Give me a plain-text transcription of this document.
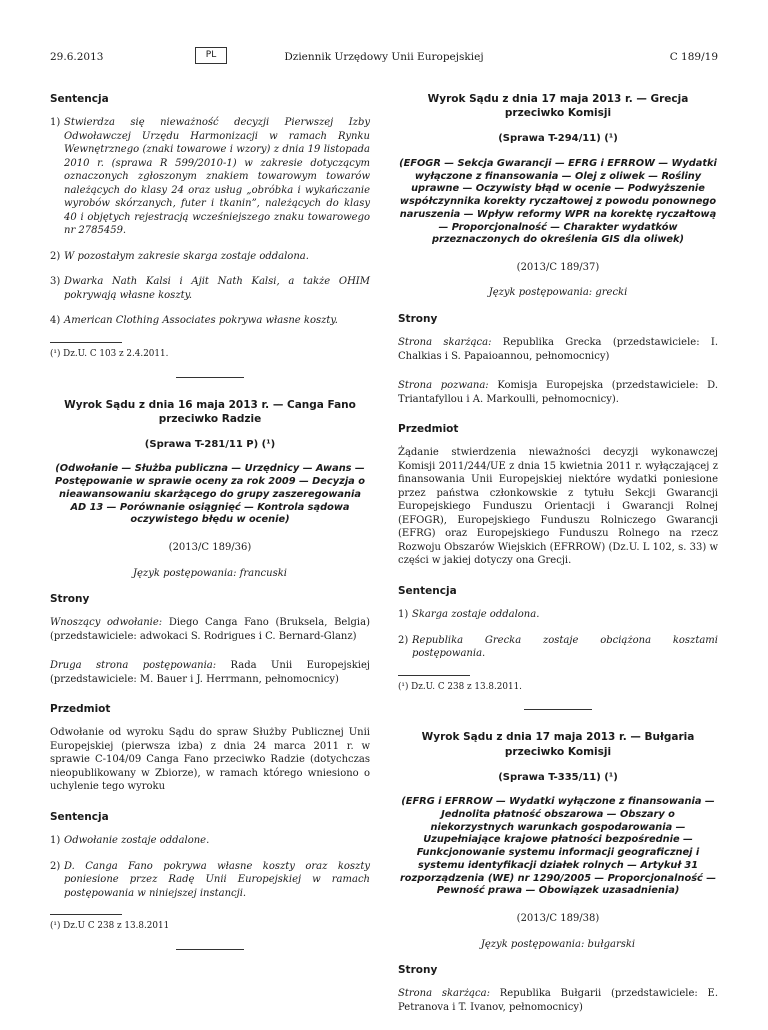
29.6.2013	PL	Dziennik Urzędowy Unii Europejskiej	C 189/19
Sentencja
1) Stwierdza się nieważność decyzji Pierwszej Izby Odwoławczej Urzędu Harmonizacji w ramach Rynku Wewnętrznego (znaki towarowe i wzory) z dnia 19 listopada 2010 r. (sprawa R 599/2010-1) w zakresie dotyczącym oznaczonych zgłoszonym znakiem towarowym towarów należących do klasy 24 oraz usług „obróbka i wykańczanie wyrobów skórzanych, futer i tkanin”, należących do klasy 40 i objętych rejestracją wcześniejszego znaku towarowego nr 2785459.
2) W pozostałym zakresie skarga zostaje oddalona.
3) Dwarka Nath Kalsi i Ajit Nath Kalsi, a także OHIM pokrywają własne koszty.
4) American Clothing Associates pokrywa własne koszty.
(¹) Dz.U. C 103 z 2.4.2011.
Wyrok Sądu z dnia 16 maja 2013 r. — Canga Fano przeciwko Radzie
(Sprawa T-281/11 P) (¹)
(Odwołanie — Służba publiczna — Urzędnicy — Awans — Postępowanie w sprawie oceny za rok 2009 — Decyzja o nieawansowaniu skarżącego do grupy zaszeregowania AD 13 — Porównanie osiągnięć — Kontrola sądowa oczywistego błędu w ocenie)
(2013/C 189/36)
Język postępowania: francuski
Strony

Wnoszący odwołanie: Diego Canga Fano (Bruksela, Belgia) (przedstawiciele: adwokaci S. Rodrigues i C. Bernard-Glanz)

Druga strona postępowania: Rada Unii Europejskiej (przedstawiciele: M. Bauer i J. Herrmann, pełnomocnicy)

Przedmiot

Odwołanie od wyroku Sądu do spraw Służby Publicznej Unii Europejskiej (pierwsza izba) z dnia 24 marca 2011 r. w sprawie C-104/09 Canga Fano przeciwko Radzie (dotychczas nieopublikowany w Zbiorze), w ramach którego wniesiono o uchylenie tego wyroku

Sentencja
1) Odwołanie zostaje oddalone.
2) D. Canga Fano pokrywa własne koszty oraz koszty poniesione przez Radę Unii Europejskiej w ramach postępowania w niniejszej instancji.
(¹) Dz.U C 238 z 13.8.2011
Wyrok Sądu z dnia 17 maja 2013 r. — Grecja przeciwko Komisji
(Sprawa T-294/11) (¹)
(EFOGR — Sekcja Gwarancji — EFRG i EFRROW — Wydatki wyłączone z finansowania — Olej z oliwek — Rośliny uprawne — Oczywisty błąd w ocenie — Podwyższenie współczynnika korekty ryczałtowej z powodu ponownego naruszenia — Wpływ reformy WPR na korektę ryczałtową — Proporcjonalność — Charakter wydatków przeznaczonych do określenia GIS dla oliwek)
(2013/C 189/37)
Język postępowania: grecki
Strony

Strona skarżąca: Republika Grecka (przedstawiciele: I. Chalkias i S. Papaioannou, pełnomocnicy)

Strona pozwana: Komisja Europejska (przedstawiciele: D. Triantafyllou i A. Markoulli, pełnomocnicy).

Przedmiot

Żądanie stwierdzenia nieważności decyzji wykonawczej Komisji 2011/244/UE z dnia 15 kwietnia 2011 r. wyłączającej z finansowania Unii Europejskiej niektóre wydatki poniesione przez państwa członkowskie z tytułu Sekcji Gwarancji Europejskiego Funduszu Orientacji i Gwarancji Rolnej (EFOGR), Europejskiego Funduszu Rolniczego Gwarancji (EFRG) oraz Europejskiego Funduszu Rolnego na rzecz Rozwoju Obszarów Wiejskich (EFRROW) (Dz.U. L 102, s. 33) w części w jakiej dotyczy ona Grecji.

Sentencja
1) Skarga zostaje oddalona.
2) Republika Grecka zostaje obciążona kosztami postępowania.
(¹) Dz.U. C 238 z 13.8.2011.
Wyrok Sądu z dnia 17 maja 2013 r. — Bułgaria przeciwko Komisji
(Sprawa T-335/11) (¹)
(EFRG i EFRROW — Wydatki wyłączone z finansowania — Jednolita płatność obszarowa — Obszary o niekorzystnych warunkach gospodarowania — Uzupełniające krajowe płatności bezpośrednie — Funkcjonowanie systemu informacji geograficznej i systemu identyfikacji działek rolnych — Artykuł 31 rozporządzenia (WE) nr 1290/2005 — Proporcjonalność — Pewność prawa — Obowiązek uzasadnienia)
(2013/C 189/38)
Język postępowania: bułgarski
Strony

Strona skarżąca: Republika Bułgarii (przedstawiciele: E. Petranova i T. Ivanov, pełnomocnicy)
